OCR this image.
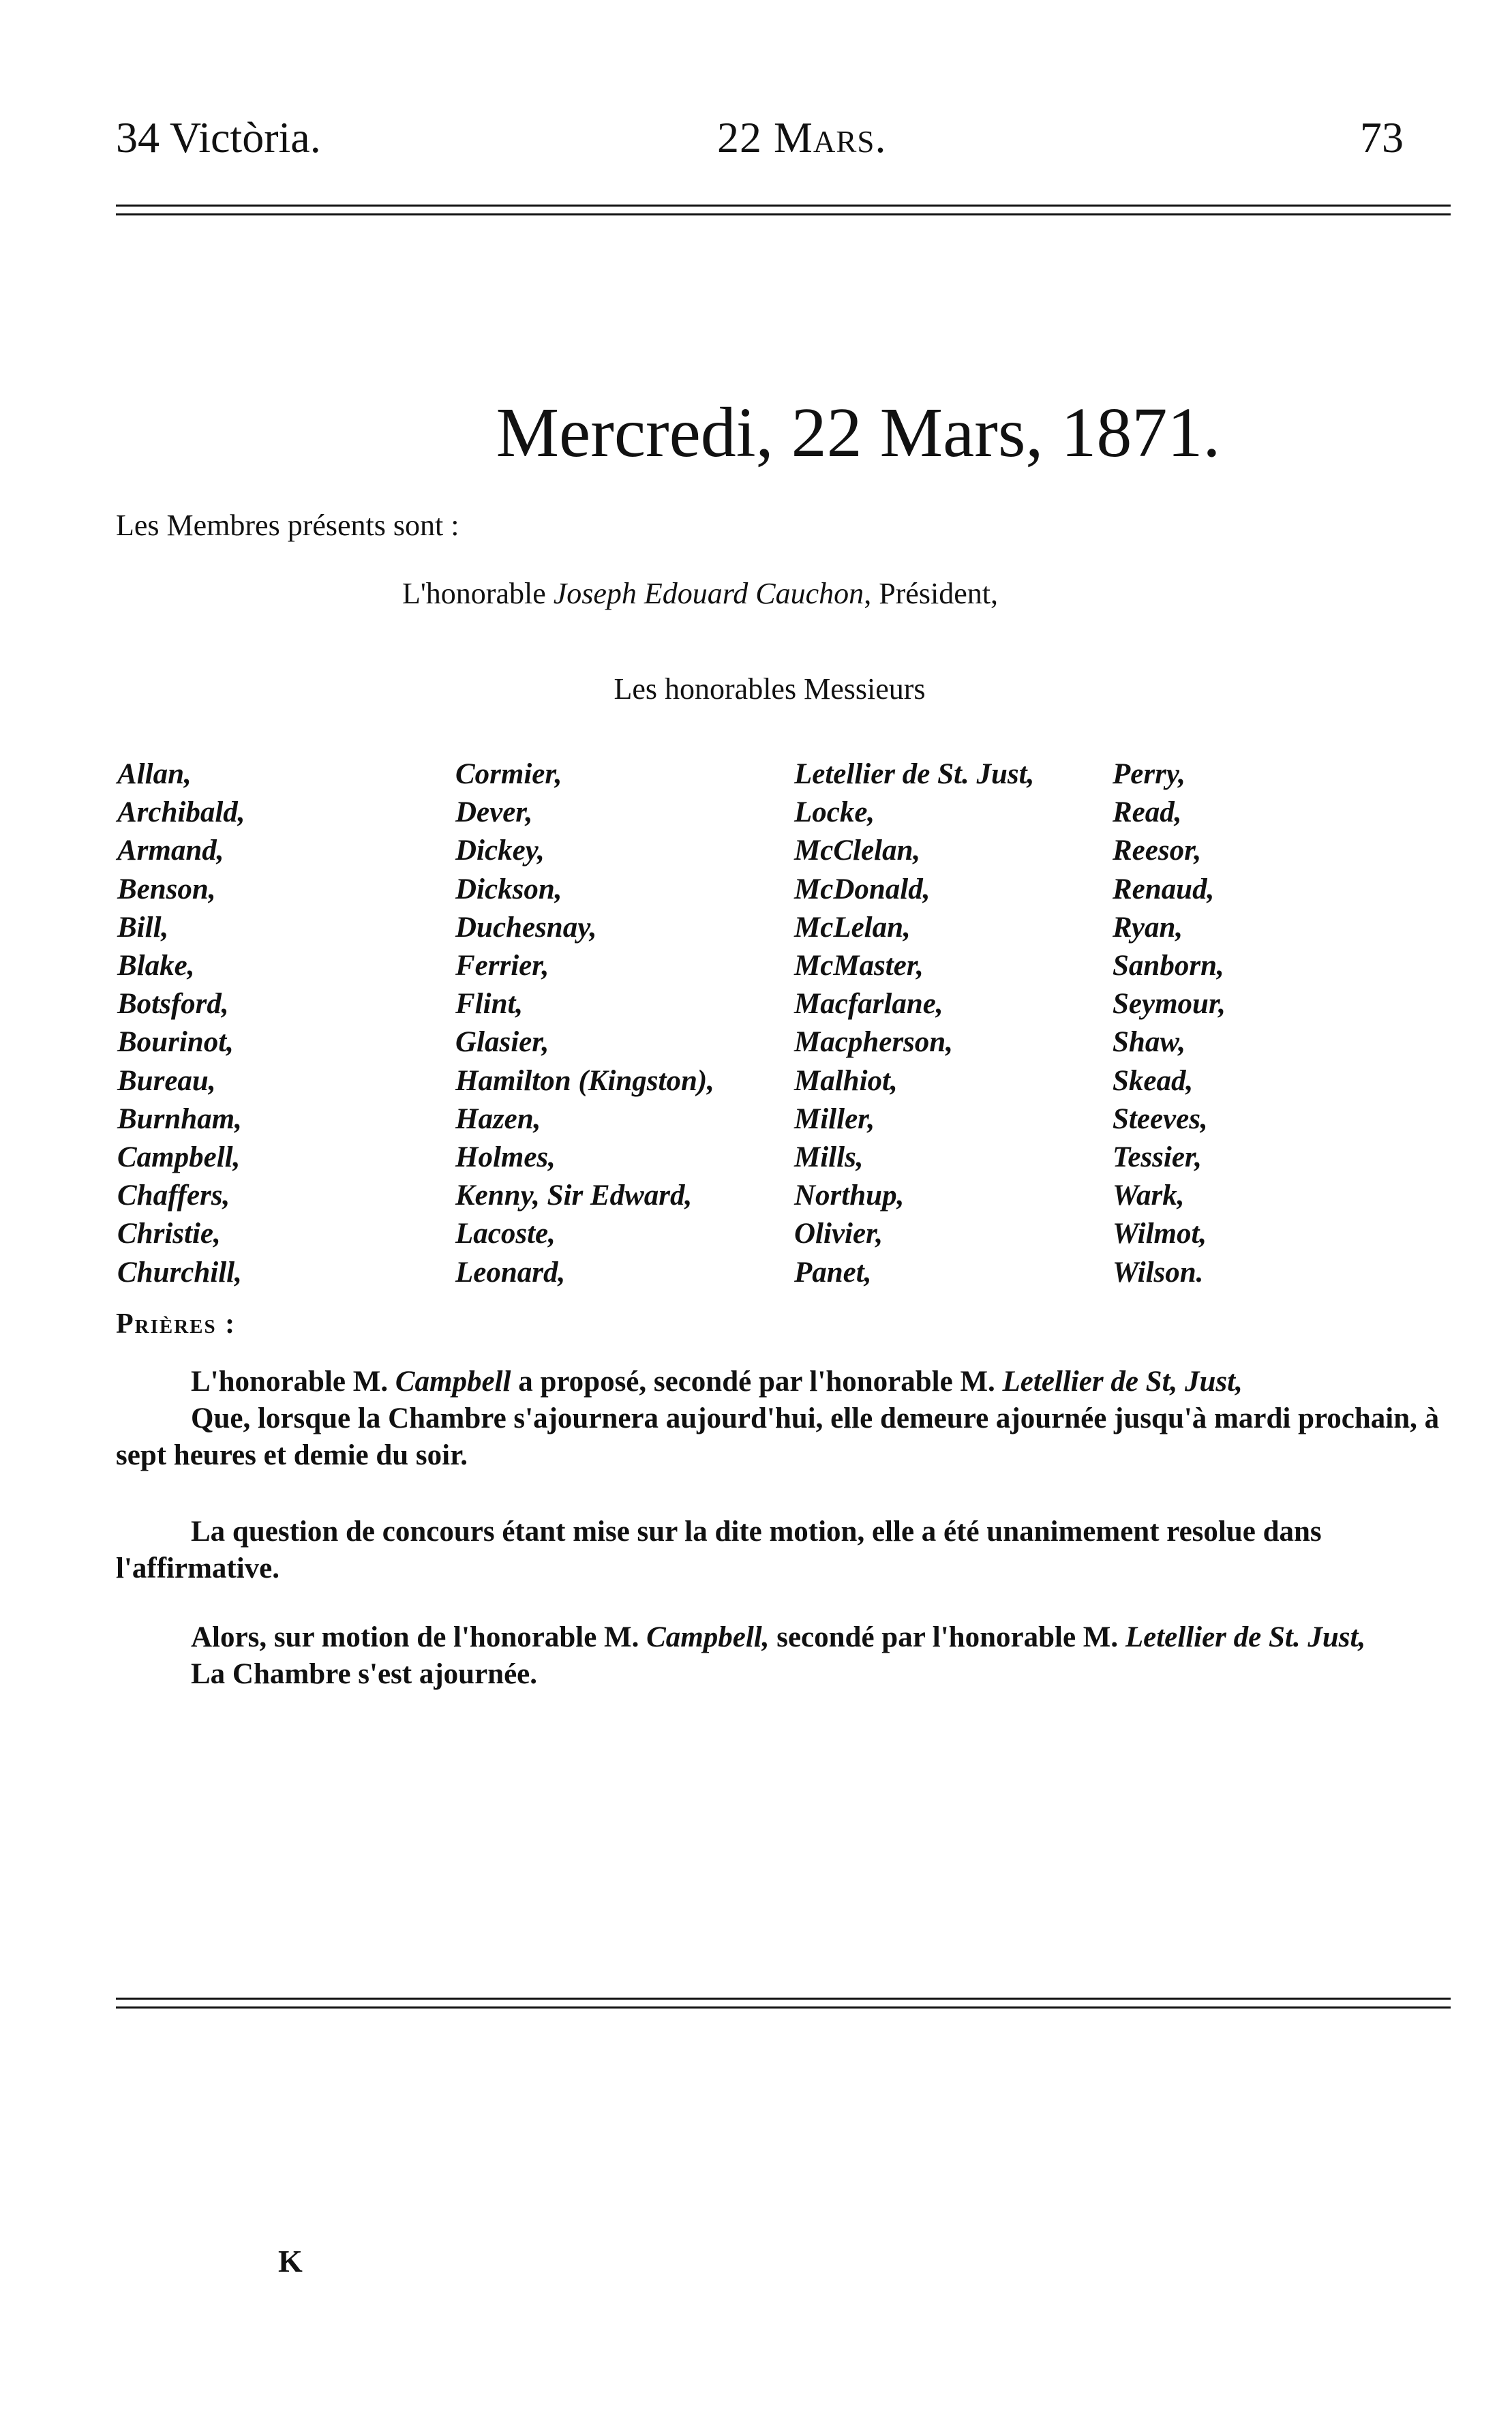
34 Victòria.	22 Mars.	73
Mercredi, 22 Mars, 1871.
Les Membres présents sont :
L'honorable Joseph Edouard Cauchon, Président,
Les honorables Messieurs
Allan,
Archibald,
Armand,
Benson,
Bill,
Blake,
Botsford,
Bourinot,
Bureau,
Burnham,
Campbell,
Chaffers,
Christie,
Churchill,
Cormier,
Dever,
Dickey,
Dickson,
Duchesnay,
Ferrier,
Flint,
Glasier,
Hamilton (Kingston),
Hazen,
Holmes,
Kenny, Sir Edward,
Lacoste,
Leonard,
Letellier de St. Just,
Locke,
McClelan,
McDonald,
McLelan,
McMaster,
Macfarlane,
Macpherson,
Malhiot,
Miller,
Mills,
Northup,
Olivier,
Panet,
Perry,
Read,
Reesor,
Renaud,
Ryan,
Sanborn,
Seymour,
Shaw,
Skead,
Steeves,
Tessier,
Wark,
Wilmot,
Wilson.
Prières :
L'honorable M. Campbell a proposé, secondé par l'honorable M. Letellier de St, Just,
Que, lorsque la Chambre s'ajournera aujourd'hui, elle demeure ajournée jusqu'à mardi prochain, à sept heures et demie du soir.
La question de concours étant mise sur la dite motion, elle a été unanimement resolue dans l'affirmative.
Alors, sur motion de l'honorable M. Campbell, secondé par l'honorable M. Letellier de St. Just,
La Chambre s'est ajournée.
K
